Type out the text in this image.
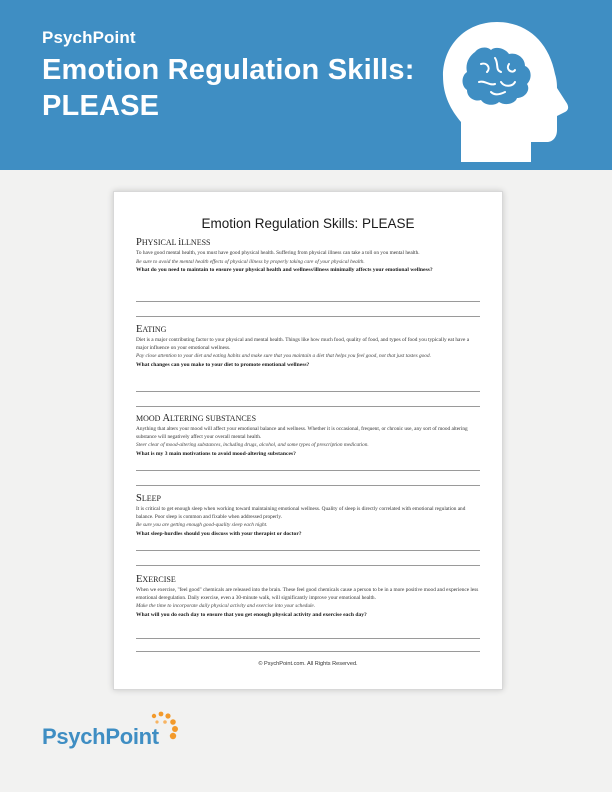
PsychPoint
Emotion Regulation Skills:
PLEASE
Emotion Regulation Skills: PLEASE
PHYSICAL iLLNESS
To have good mental health, you must have good physical health. Suffering from physical illness can take a toll on you mental health.
Be sure to avoid the mental health effects of physical illness by properly taking care of your physical health.
What do you need to maintain to ensure your physical health and wellness/illness minimally affects your emotional wellness?
EATING
Diet is a major contributing factor to your physical and mental health. Things like how much food, quality of food, and types of food you typically eat have a major influence on your emotional wellness.
Pay close attention to your diet and eating habits and make sure that you maintain a diet that helps you feel good, not that just tastes good.
What changes can you make to your diet to promote emotional wellness?
MOOD ALTERING SUBSTANCES
Anything that alters your mood will affect your emotional balance and wellness. Whether it is occasional, frequent, or chronic use, any sort of mood altering substance will negatively affect your overall mental health.
Steer clear of mood-altering substances, including drugs, alcohol, and some types of prescription medication.
What is my 3 main motivations to avoid mood-altering substances?
SLEEP
It is critical to get enough sleep when working toward maintaining emotional wellness. Quality of sleep is directly correlated with emotional regulation and balance. Poor sleep is common and fixable when addressed properly.
Be sure you are getting enough good-quality sleep each night.
What sleep-hurdles should you discuss with your therapist or doctor?
EXERCISE
When we exercise, "feel good" chemicals are released into the brain. These feel good chemicals cause a person to be in a more positive mood and experience less emotional deregulation. Daily exercise, even a 30-minute walk, will significantly improve your emotional health.
Make the time to incorporate daily physical activity and exercise into your schedule.
What will you do each day to ensure that you get enough physical activity and exercise each day?
© PsychPoint.com. All Rights Reserved.
PsychPoint
